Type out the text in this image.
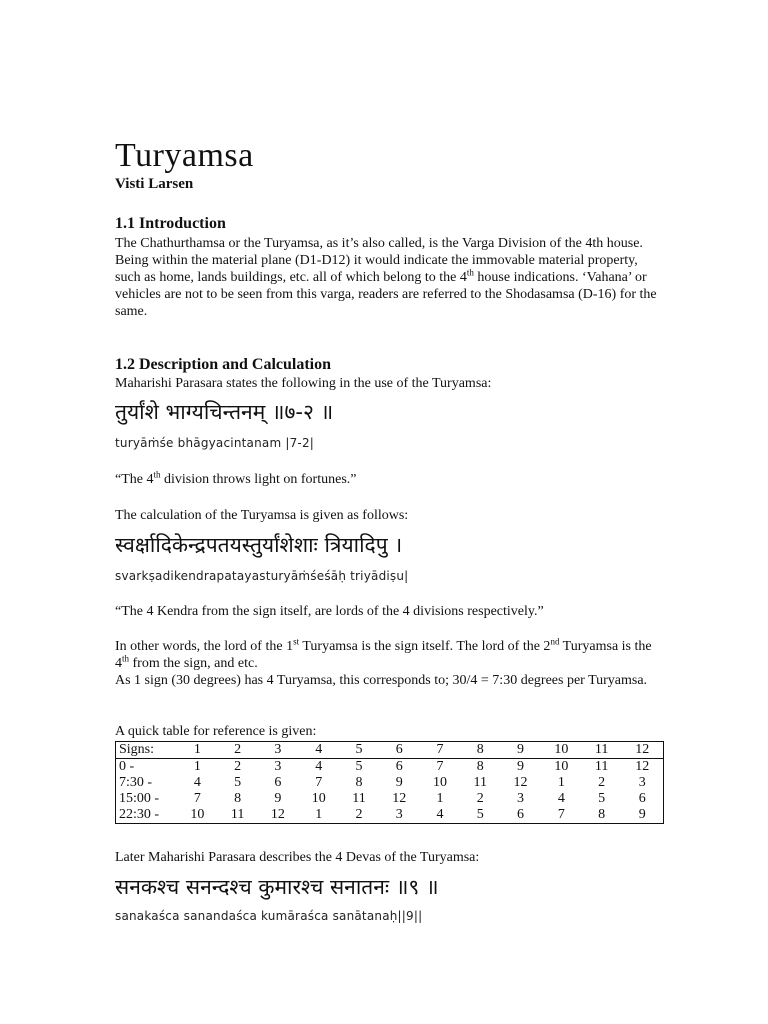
Turyamsa
Visti Larsen
1.1 Introduction

The Chathurthamsa or the Turyamsa, as it’s also called, is the Varga Division of the 4th house.

Being within the material plane (D1-D12) it would indicate the immovable material property, such as home, lands buildings, etc. all of which belong to the 4th house indications. ‘Vahana’ or vehicles are not to be seen from this varga, readers are referred to the Shodasamsa (D-16) for the same.

1.2 Description and Calculation
Maharishi Parasara states the following in the use of the Turyamsa:
तुर्यांशे भाग्यचिन्तनम् ॥७-२ ॥
turyāṁśe bhāgyacintanam |7-2|
“The 4th division throws light on fortunes.”
The calculation of the Turyamsa is given as follows:
स्वर्क्षादिकेन्द्रपतयस्तुर्यांशेशाः त्रियादिपु ।
svarkṣadikendrapatayasturyāṁśeśāḥ triyādiṣu|
“The 4 Kendra from the sign itself, are lords of the 4 divisions respectively.”

In other words, the lord of the 1st Turyamsa is the sign itself. The lord of the 2nd Turyamsa is the 4th from the sign, and etc.

As 1 sign (30 degrees) has 4 Turyamsa, this corresponds to; 30/4 = 7:30 degrees per Turyamsa.

A quick table for reference is given:
Signs:	1	2	3	4	5	6	7	8	9	10	11	12
0 -	1	2	3	4	5	6	7	8	9	10	11	12
7:30 -	4	5	6	7	8	9	10	11	12	1	2	3
15:00 -	7	8	9	10	11	12	1	2	3	4	5	6
22:30 -	10	11	12	1	2	3	4	5	6	7	8	9
Later Maharishi Parasara describes the 4 Devas of the Turyamsa:
सनकश्च सनन्दश्च कुमारश्च सनातनः ॥९ ॥
sanakaśca sanandaśca kumāraśca sanātanaḥ||9||
